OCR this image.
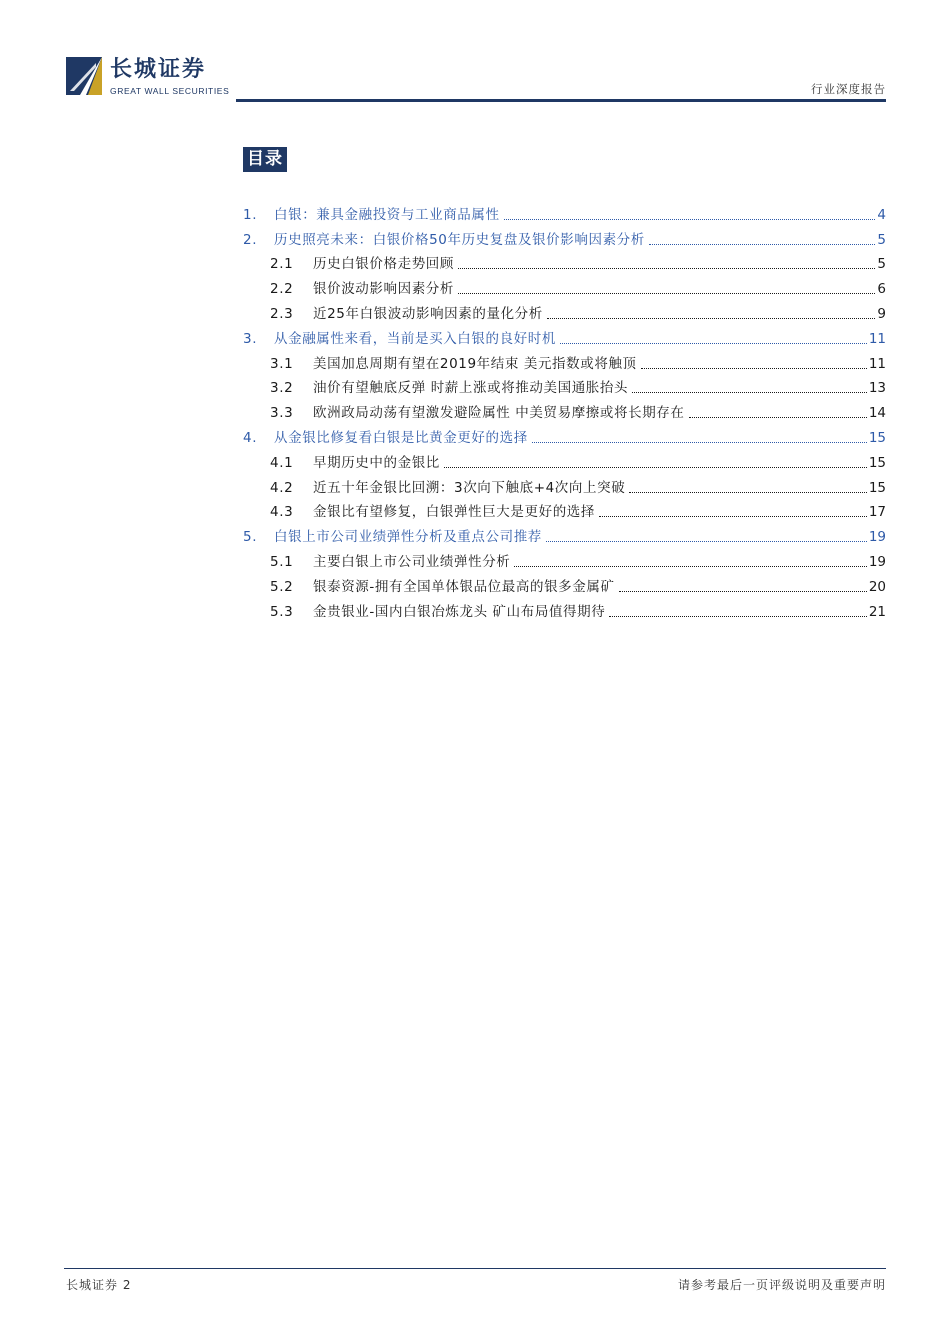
长城证券
GREAT WALL SECURITIES	行业深度报告
目录
1.	白银：兼具金融投资与工业商品属性	4
2.	历史照亮未来：白银价格50年历史复盘及银价影响因素分析	5
2.1	历史白银价格走势回顾	5
2.2	银价波动影响因素分析	6
2.3	近25年白银波动影响因素的量化分析	9
3.	从金融属性来看，当前是买入白银的良好时机	11
3.1	美国加息周期有望在2019年结束 美元指数或将触顶	11
3.2	油价有望触底反弹 时薪上涨或将推动美国通胀抬头	13
3.3	欧洲政局动荡有望激发避险属性 中美贸易摩擦或将长期存在	14
4.	从金银比修复看白银是比黄金更好的选择	15
4.1	早期历史中的金银比	15
4.2	近五十年金银比回溯：3次向下触底+4次向上突破	15
4.3	金银比有望修复，白银弹性巨大是更好的选择	17
5.	白银上市公司业绩弹性分析及重点公司推荐	19
5.1	主要白银上市公司业绩弹性分析	19
5.2	银泰资源-拥有全国单体银品位最高的银多金属矿	20
5.3	金贵银业-国内白银冶炼龙头 矿山布局值得期待	21
长城证券 2	请参考最后一页评级说明及重要声明
